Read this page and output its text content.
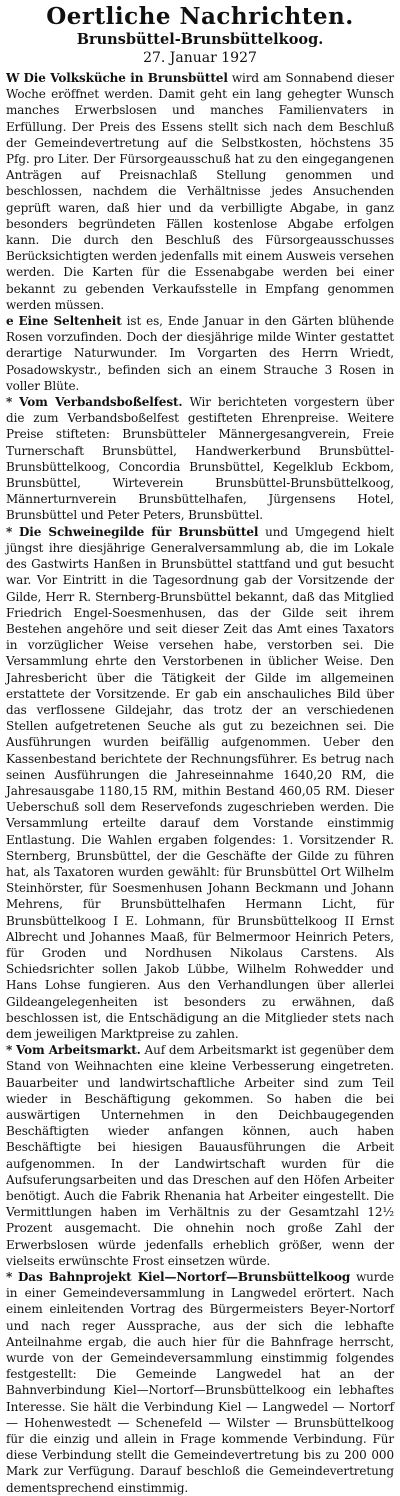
Oertliche Nachrichten.
Brunsbüttel-Brunsbüttelkoog.
27. Januar 1927

W Die Volksküche in Brunsbüttel wird am Sonnabend dieser Woche eröffnet werden. Damit geht ein lang gehegter Wunsch manches Erwerbslosen und manches Familienvaters in Erfüllung. Der Preis des Essens stellt sich nach dem Beschluß der Gemeindevertretung auf die Selbstkosten, höchstens 35 Pfg. pro Liter. Der Fürsorgeausschuß hat zu den eingegangenen Anträgen auf Preisnachlaß Stellung genommen und beschlossen, nachdem die Verhältnisse jedes Ansuchenden geprüft waren, daß hier und da verbilligte Abgabe, in ganz besonders begründeten Fällen kostenlose Abgabe erfolgen kann. Die durch den Beschluß des Fürsorgeausschusses Berücksichtigten werden jedenfalls mit einem Ausweis versehen werden. Die Karten für die Essenabgabe werden bei einer bekannt zu gebenden Verkaufsstelle in Empfang genommen werden müssen.

e Eine Seltenheit ist es, Ende Januar in den Gärten blühende Rosen vorzufinden. Doch der diesjährige milde Winter gestattet derartige Naturwunder. Im Vorgarten des Herrn Wriedt, Posadowskystr., befinden sich an einem Strauche 3 Rosen in voller Blüte.

* Vom Verbandsboßelfest. Wir berichteten vorgestern über die zum Verbandsboßelfest gestifteten Ehrenpreise. Weitere Preise stifteten: Brunsbütteler Männergesangverein, Freie Turnerschaft Brunsbüttel, Handwerkerbund Brunsbüttel-Brunsbüttelkoog, Concordia Brunsbüttel, Kegelklub Eckbom, Brunsbüttel, Wirteverein Brunsbüttel-Brunsbüttelkoog, Männerturnverein Brunsbüttelhafen, Jürgensens Hotel, Brunsbüttel und Peter Peters, Brunsbüttel.

* Die Schweinegilde für Brunsbüttel und Umgegend hielt jüngst ihre diesjährige Generalversammlung ab, die im Lokale des Gastwirts Hanßen in Brunsbüttel stattfand und gut besucht war. Vor Eintritt in die Tagesordnung gab der Vorsitzende der Gilde, Herr R. Sternberg-Brunsbüttel bekannt, daß das Mitglied Friedrich Engel-Soesmenhusen, das der Gilde seit ihrem Bestehen angehöre und seit dieser Zeit das Amt eines Taxators in vorzüglicher Weise versehen habe, verstorben sei. Die Versammlung ehrte den Verstorbenen in üblicher Weise. Den Jahresbericht über die Tätigkeit der Gilde im allgemeinen erstattete der Vorsitzende. Er gab ein anschauliches Bild über das verflossene Gildejahr, das trotz der an verschiedenen Stellen aufgetretenen Seuche als gut zu bezeichnen sei. Die Ausführungen wurden beifällig aufgenommen. Ueber den Kassenbestand berichtete der Rechnungsführer. Es betrug nach seinen Ausführungen die Jahreseinnahme 1640,20 RM, die Jahresausgabe 1180,15 RM, mithin Bestand 460,05 RM. Dieser Ueberschuß soll dem Reservefonds zugeschrieben werden. Die Versammlung erteilte darauf dem Vorstande einstimmig Entlastung. Die Wahlen ergaben folgendes: 1. Vorsitzender R. Sternberg, Brunsbüttel, der die Geschäfte der Gilde zu führen hat, als Taxatoren wurden gewählt: für Brunsbüttel Ort Wilhelm Steinhörster, für Soesmenhusen Johann Beckmann und Johann Mehrens, für Brunsbüttelhafen Hermann Licht, für Brunsbüttelkoog I E. Lohmann, für Brunsbüttelkoog II Ernst Albrecht und Johannes Maaß, für Belmermoor Heinrich Peters, für Groden und Nordhusen Nikolaus Carstens. Als Schiedsrichter sollen Jakob Lübbe, Wilhelm Rohwedder und Hans Lohse fungieren. Aus den Verhandlungen über allerlei Gildeangelegenheiten ist besonders zu erwähnen, daß beschlossen ist, die Entschädigung an die Mitglieder stets nach dem jeweiligen Marktpreise zu zahlen.

* Vom Arbeitsmarkt. Auf dem Arbeitsmarkt ist gegenüber dem Stand von Weihnachten eine kleine Verbesserung eingetreten. Bauarbeiter und landwirtschaftliche Arbeiter sind zum Teil wieder in Beschäftigung gekommen. So haben die bei auswärtigen Unternehmen in den Deichbaugegenden Beschäftigten wieder anfangen können, auch haben Beschäftigte bei hiesigen Bauausführungen die Arbeit aufgenommen. In der Landwirtschaft wurden für die Aufsuferungsarbeiten und das Dreschen auf den Höfen Arbeiter benötigt. Auch die Fabrik Rhenania hat Arbeiter eingestellt. Die Vermittlungen haben im Verhältnis zu der Gesamtzahl 12½ Prozent ausgemacht. Die ohnehin noch große Zahl der Erwerbslosen würde jedenfalls erheblich größer, wenn der vielseits erwünschte Frost einsetzen würde.

* Das Bahnprojekt Kiel—Nortorf—Brunsbüttelkoog wurde in einer Gemeindeversammlung in Langwedel erörtert. Nach einem einleitenden Vortrag des Bürgermeisters Beyer-Nortorf und nach reger Aussprache, aus der sich die lebhafte Anteilnahme ergab, die auch hier für die Bahnfrage herrscht, wurde von der Gemeindeversammlung einstimmig folgendes festgestellt: Die Gemeinde Langwedel hat an der Bahnverbindung Kiel—Nortorf—Brunsbüttelkoog ein lebhaftes Interesse. Sie hält die Verbindung Kiel — Langwedel — Nortorf — Hohenwestedt — Schenefeld — Wilster — Brunsbüttelkoog für die einzig und allein in Frage kommende Verbindung. Für diese Verbindung stellt die Gemeindevertretung bis zu 200 000 Mark zur Verfügung. Darauf beschloß die Gemeindevertretung dementsprechend einstimmig.
